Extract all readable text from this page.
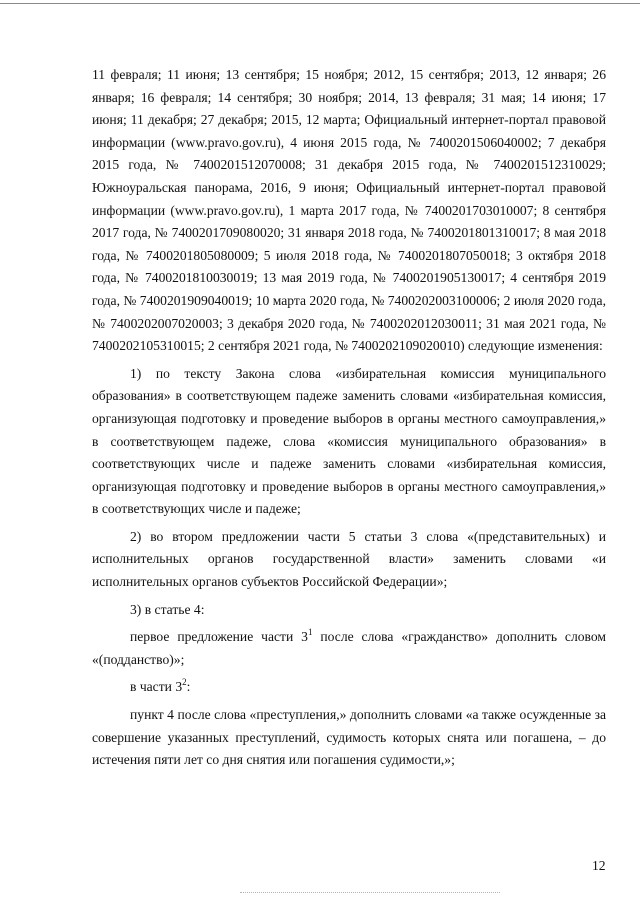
11 февраля; 11 июня; 13 сентября; 15 ноября; 2012, 15 сентября; 2013, 12 января; 26 января; 16 февраля; 14 сентября; 30 ноября; 2014, 13 февраля; 31 мая; 14 июня; 17 июня; 11 декабря; 27 декабря; 2015, 12 марта; Официальный интернет-портал правовой информации (www.pravo.gov.ru), 4 июня 2015 года, № 7400201506040002; 7 декабря 2015 года, № 7400201512070008; 31 декабря 2015 года, № 7400201512310029; Южноуральская панорама, 2016, 9 июня; Официальный интернет-портал правовой информации (www.pravo.gov.ru), 1 марта 2017 года, № 7400201703010007; 8 сентября 2017 года, № 7400201709080020; 31 января 2018 года, № 7400201801310017; 8 мая 2018 года, № 7400201805080009; 5 июля 2018 года, № 7400201807050018; 3 октября 2018 года, № 7400201810030019; 13 мая 2019 года, № 7400201905130017; 4 сентября 2019 года, № 7400201909040019; 10 марта 2020 года, № 7400202003100006; 2 июля 2020 года, № 7400202007020003; 3 декабря 2020 года, № 7400202012030011; 31 мая 2021 года, № 7400202105310015; 2 сентября 2021 года, № 7400202109020010) следующие изменения:

1) по тексту Закона слова «избирательная комиссия муниципального образования» в соответствующем падеже заменить словами «избирательная комиссия, организующая подготовку и проведение выборов в органы местного самоуправления,» в соответствующем падеже, слова «комиссия муниципального образования» в соответствующих числе и падеже заменить словами «избирательная комиссия, организующая подготовку и проведение выборов в органы местного самоуправления,» в соответствующих числе и падеже;

2) во втором предложении части 5 статьи 3 слова «(представительных) и исполнительных органов государственной власти» заменить словами «и исполнительных органов субъектов Российской Федерации»;

3) в статье 4:

первое предложение части $3^1$ после слова «гражданство» дополнить словом «(подданство)»;

в части $3^2$:

пункт 4 после слова «преступления,» дополнить словами «а также осужденные за совершение указанных преступлений, судимость которых снята или погашена, – до истечения пяти лет со дня снятия или погашения судимости,»;

12
